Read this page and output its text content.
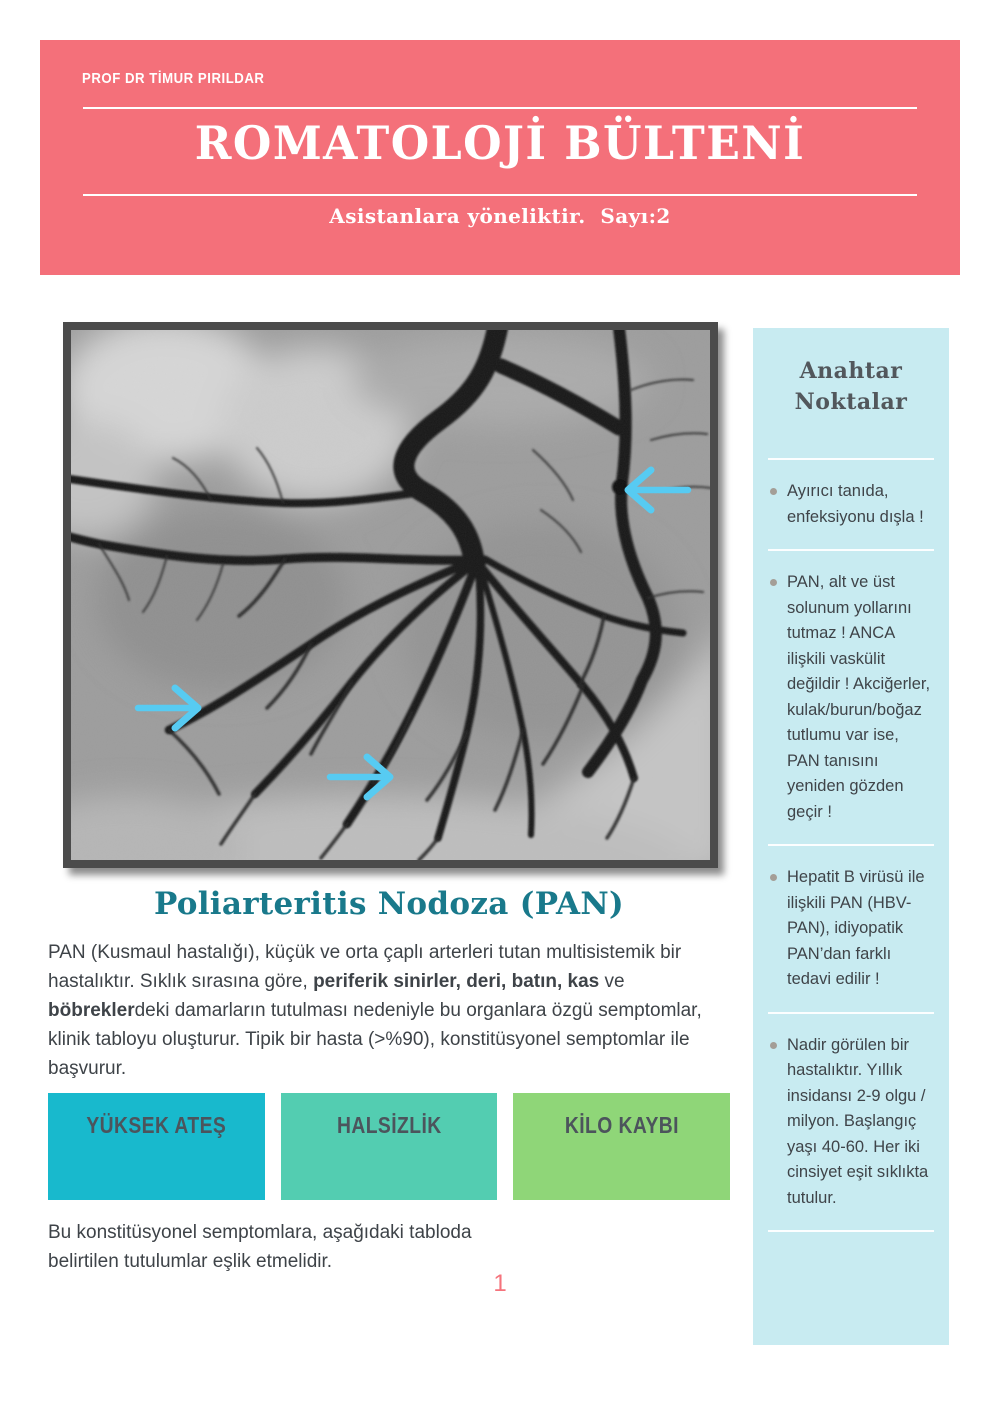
PROF DR TİMUR PIRILDAR
ROMATOLOJİ BÜLTENİ
Asistanlara yöneliktir.  Sayı:2
Anahtar Noktalar
Ayırıcı tanıda, enfeksiyonu dışla !
PAN, alt ve üst solunum yollarını tutmaz ! ANCA ilişkili vaskülit değildir ! Akciğerler, kulak/burun/boğaz tutlumu var ise, PAN tanısını yeniden gözden geçir !
Hepatit B virüsü ile ilişkili PAN (HBV-PAN), idiyopatik PAN’dan farklı tedavi edilir !
Nadir görülen bir hastalıktır. Yıllık insidansı 2-9 olgu / milyon. Başlangıç yaşı 40-60. Her iki cinsiyet eşit sıklıkta tutulur.
Poliarteritis Nodoza (PAN)

PAN (Kusmaul hastalığı), küçük ve orta çaplı arterleri tutan multisistemik bir hastalıktır. Sıklık sırasına göre, periferik sinirler, deri, batın, kas ve böbreklerdeki damarların tutulması nedeniyle bu organlara özgü semptomlar, klinik tabloyu oluşturur. Tipik bir hasta (>%90), konstitüsyonel semptomlar ile başvurur.

YÜKSEK ATEŞ	HALSİZLİK	KİLO KAYBI

Bu konstitüsyonel semptomlara, aşağıdaki tabloda belirtilen tutulumlar eşlik etmelidir.

1
